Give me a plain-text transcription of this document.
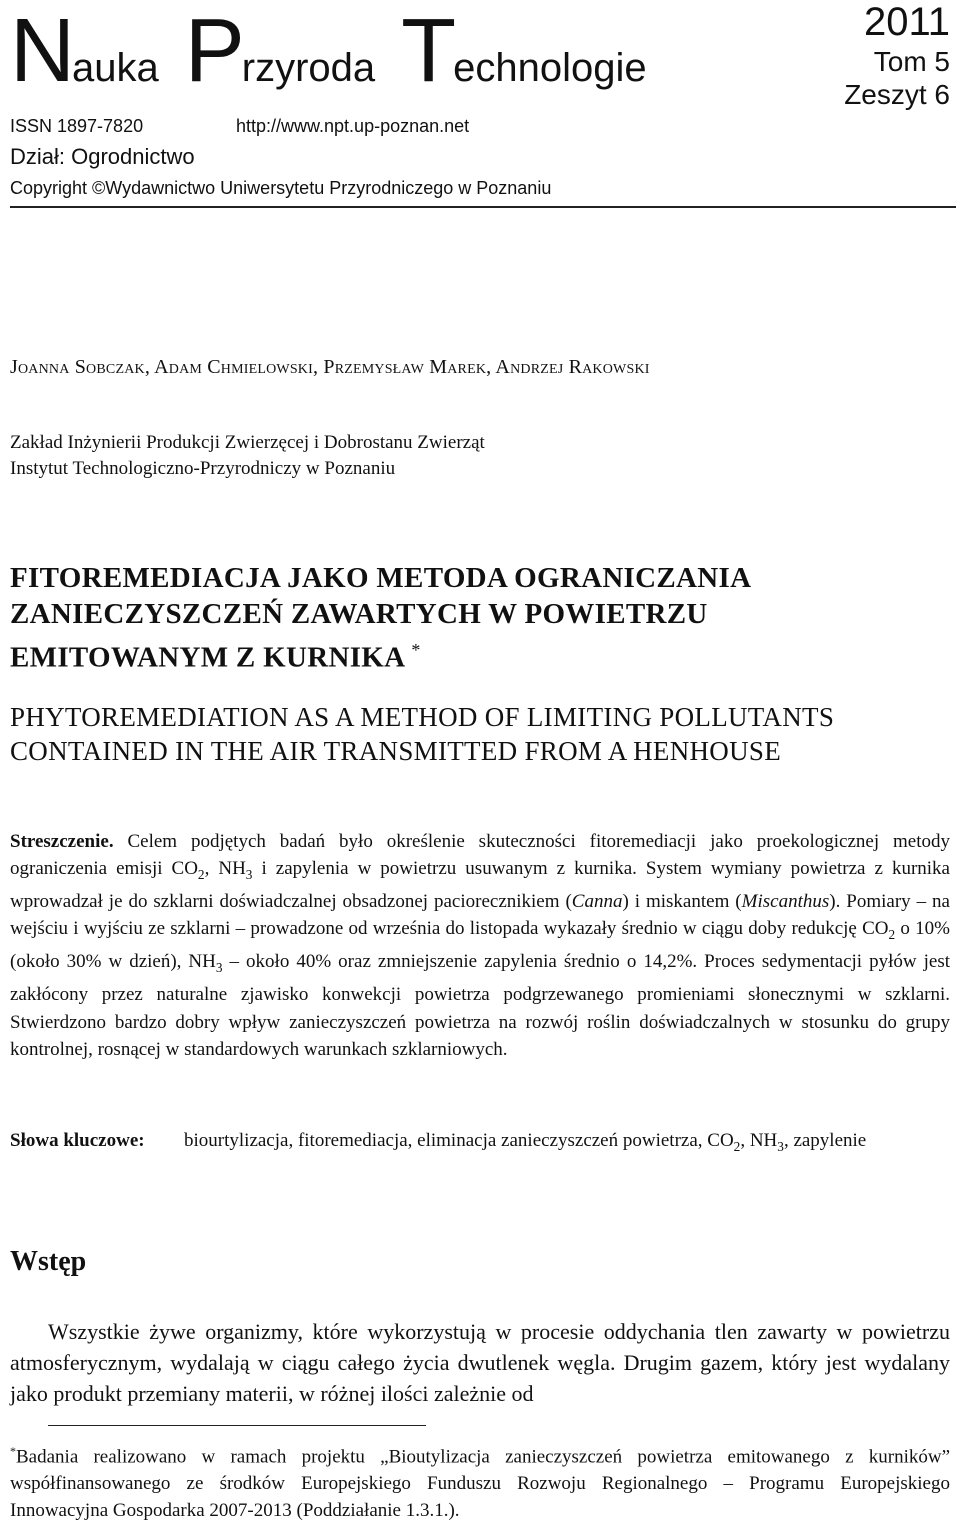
Nauka Przyroda Technologie
2011
Tom 5
Zeszyt 6
ISSN 1897-7820	http://www.npt.up-poznan.net
Dział: Ogrodnictwo
Copyright ©Wydawnictwo Uniwersytetu Przyrodniczego w Poznaniu
Joanna Sobczak, Adam Chmielowski, Przemysław Marek, Andrzej Rakowski
Zakład Inżynierii Produkcji Zwierzęcej i Dobrostanu Zwierząt
Instytut Technologiczno-Przyrodniczy w Poznaniu
FITOREMEDIACJA JAKO METODA OGRANICZANIA ZANIECZYSZCZEŃ ZAWARTYCH W POWIETRZU EMITOWANYM Z KURNIKA *
PHYTOREMEDIATION AS A METHOD OF LIMITING POLLUTANTS CONTAINED IN THE AIR TRANSMITTED FROM A HENHOUSE

Streszczenie. Celem podjętych badań było określenie skuteczności fitoremediacji jako proekologicznej metody ograniczenia emisji $CO_2$, $NH_3$ i zapylenia w powietrzu usuwanym z kurnika. System wymiany powietrza z kurnika wprowadzał je do szklarni doświadczalnej obsadzonej paciorecznikiem (Canna) i miskantem (Miscanthus). Pomiary – na wejściu i wyjściu ze szklarni – prowadzone od września do listopada wykazały średnio w ciągu doby redukcję $CO_2$ o 10% (około 30% w dzień), $NH_3$ – około 40% oraz zmniejszenie zapylenia średnio o 14,2%. Proces sedymentacji pyłów jest zakłócony przez naturalne zjawisko konwekcji powietrza podgrzewanego promieniami słonecznymi w szklarni. Stwierdzono bardzo dobry wpływ zanieczyszczeń powietrza na rozwój roślin doświadczalnych w stosunku do grupy kontrolnej, rosnącej w standardowych warunkach szklarniowych.

Słowa kluczowe:	biourtylizacja, fitoremediacja, eliminacja zanieczyszczeń powietrza, $CO_2$, $NH_3$, zapylenie
Wstęp

Wszystkie żywe organizmy, które wykorzystują w procesie oddychania tlen zawarty w powietrzu atmosferycznym, wydalają w ciągu całego życia dwutlenek węgla. Drugim gazem, który jest wydalany jako produkt przemiany materii, w różnej ilości zależnie od

*Badania realizowano w ramach projektu „Bioutylizacja zanieczyszczeń powietrza emitowanego z kurników” współfinansowanego ze środków Europejskiego Funduszu Rozwoju Regionalnego – Programu Europejskiego Innowacyjna Gospodarka 2007-2013 (Poddziałanie 1.3.1.).
